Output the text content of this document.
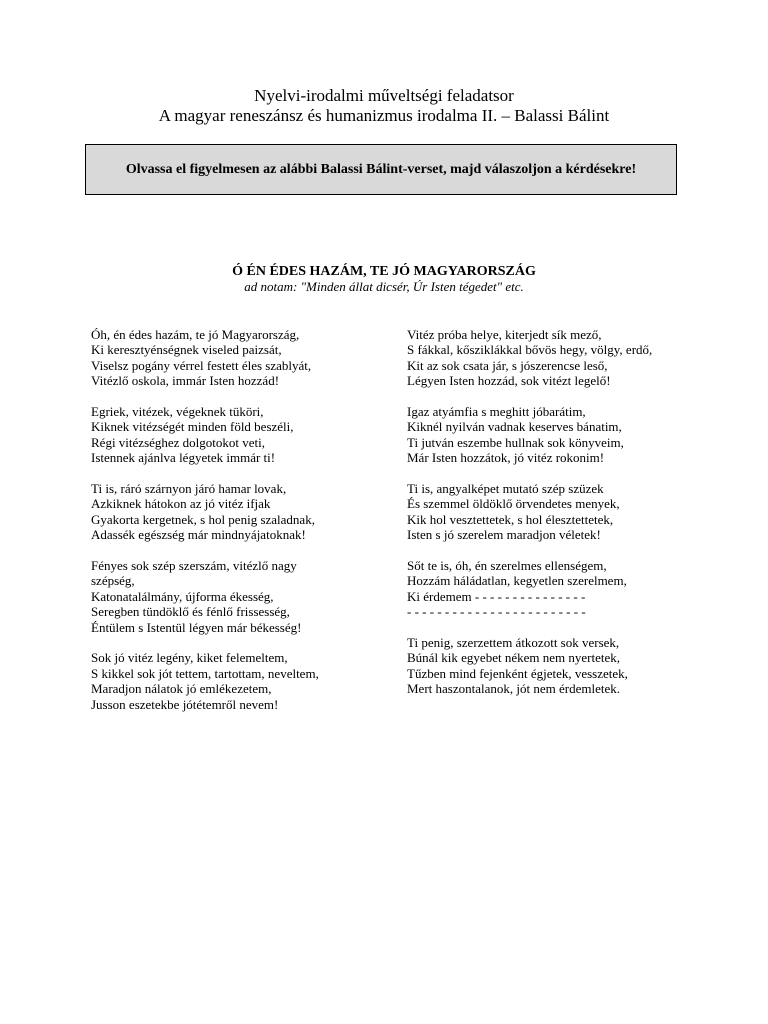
Nyelvi-irodalmi műveltségi feladatsor
A magyar reneszánsz és humanizmus irodalma II. – Balassi Bálint
Olvassa el figyelmesen az alábbi Balassi Bálint-verset, majd válaszoljon a kérdésekre!
Ó ÉN ÉDES HAZÁM, TE JÓ MAGYARORSZÁG
ad notam: "Minden állat dicsér, Úr Isten tégedet" etc.
Óh, én édes hazám, te jó Magyarország,
Ki keresztyénségnek viseled paizsát,
Viselsz pogány vérrel festett éles szablyát,
Vitézlő oskola, immár Isten hozzád!
Egriek, vitézek, végeknek tüköri,
Kiknek vitézségét minden föld beszéli,
Régi vitézséghez dolgotokot veti,
Istennek ajánlva légyetek immár ti!
Ti is, ráró szárnyon járó hamar lovak,
Azkiknek hátokon az jó vitéz ifjak
Gyakorta kergetnek, s hol penig szaladnak,
Adassék egészség már mindnyájatoknak!
Fényes sok szép szerszám, vitézlő nagy
szépség,
Katonatalálmány, újforma ékesség,
Seregben tündöklő és fénlő frissesség,
Éntülem s Istentül légyen már békesség!
Sok jó vitéz legény, kiket felemeltem,
S kikkel sok jót tettem, tartottam, neveltem,
Maradjon nálatok jó emlékezetem,
Jusson eszetekbe jótétemről nevem!
Vitéz próba helye, kiterjedt sík mező,
S fákkal, kősziklákkal bővös hegy, völgy, erdő,
Kit az sok csata jár, s jószerencse leső,
Légyen Isten hozzád, sok vitézt legelő!
Igaz atyámfia s meghitt jóbarátim,
Kiknél nyilván vadnak keserves bánatim,
Ti jutván eszembe hullnak sok könyveim,
Már Isten hozzátok, jó vitéz rokonim!
Ti is, angyalképet mutató szép szüzek
És szemmel öldöklő örvendetes menyek,
Kik hol vesztettetek, s hol élesztettetek,
Isten s jó szerelem maradjon véletek!
Sőt te is, óh, én szerelmes ellenségem,
Hozzám háládatlan, kegyetlen szerelmem,
Ki érdemem - - - - - - - - - - - - - - -
- - - - - - - - - - - - - - - - - - - - - - - -
Ti penig, szerzettem átkozott sok versek,
Búnál kik egyebet nékem nem nyertetek,
Tűzben mind fejenként égjetek, vesszetek,
Mert haszontalanok, jót nem érdemletek.
